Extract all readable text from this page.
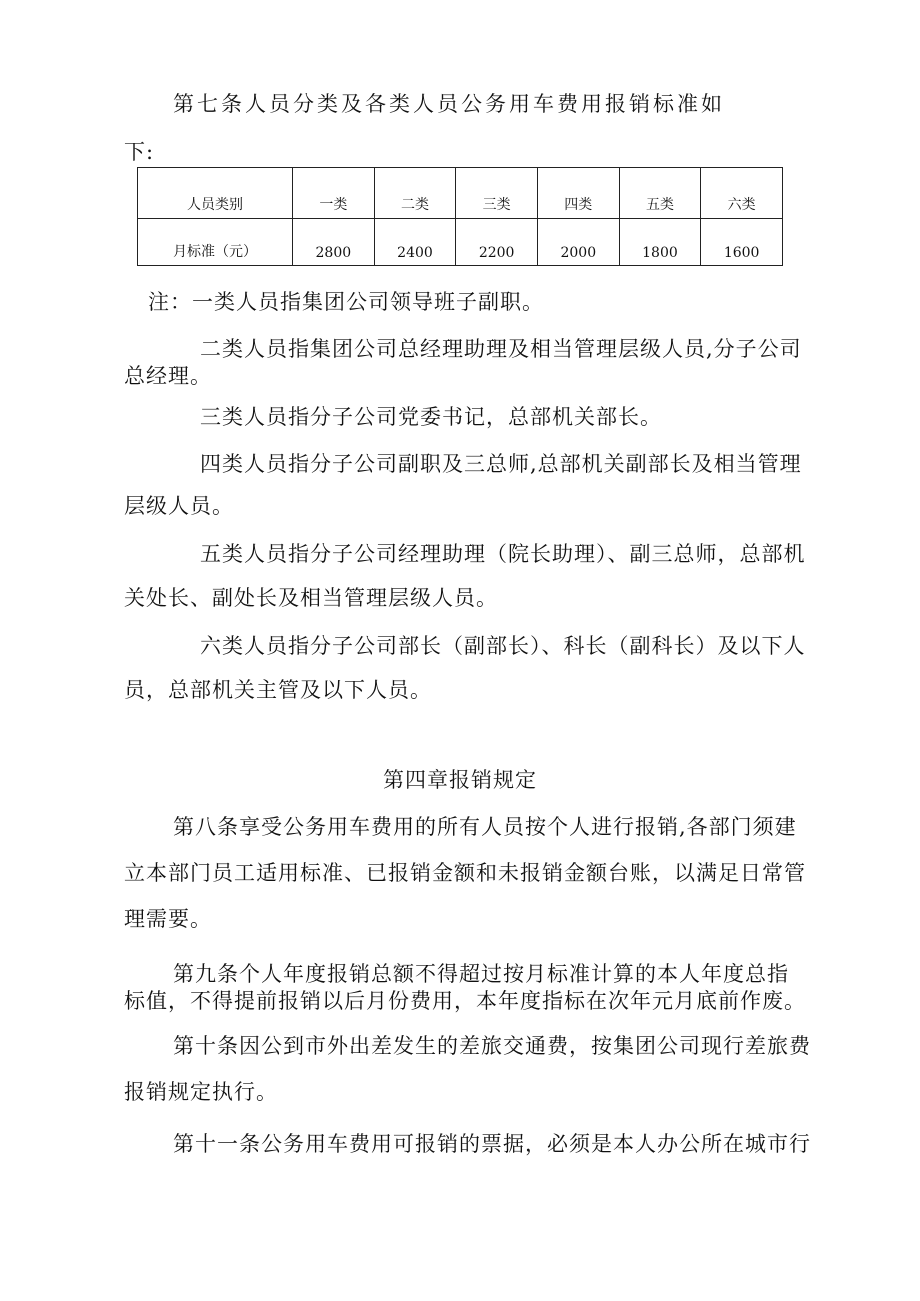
第七条人员分类及各类人员公务用车费用报销标准如

下:

人员类别	一类	二类	三类	四类	五类	六类
月标准（元）	2800	2400	2200	2000	1800	1600

注：一类人员指集团公司领导班子副职。

二类人员指集团公司总经理助理及相当管理层级人员,分子公司

总经理。

三类人员指分子公司党委书记，总部机关部长。

四类人员指分子公司副职及三总师,总部机关副部长及相当管理

层级人员。

五类人员指分子公司经理助理（院长助理）、副三总师，总部机

关处长、副处长及相当管理层级人员。

六类人员指分子公司部长（副部长）、科长（副科长）及以下人

员，总部机关主管及以下人员。

第四章报销规定

第八条享受公务用车费用的所有人员按个人进行报销,各部门须建

立本部门员工适用标准、已报销金额和未报销金额台账，以满足日常管

理需要。

第九条个人年度报销总额不得超过按月标准计算的本人年度总指

标值，不得提前报销以后月份费用，本年度指标在次年元月底前作废。

第十条因公到市外出差发生的差旅交通费，按集团公司现行差旅费

报销规定执行。

第十一条公务用车费用可报销的票据，必须是本人办公所在城市行
